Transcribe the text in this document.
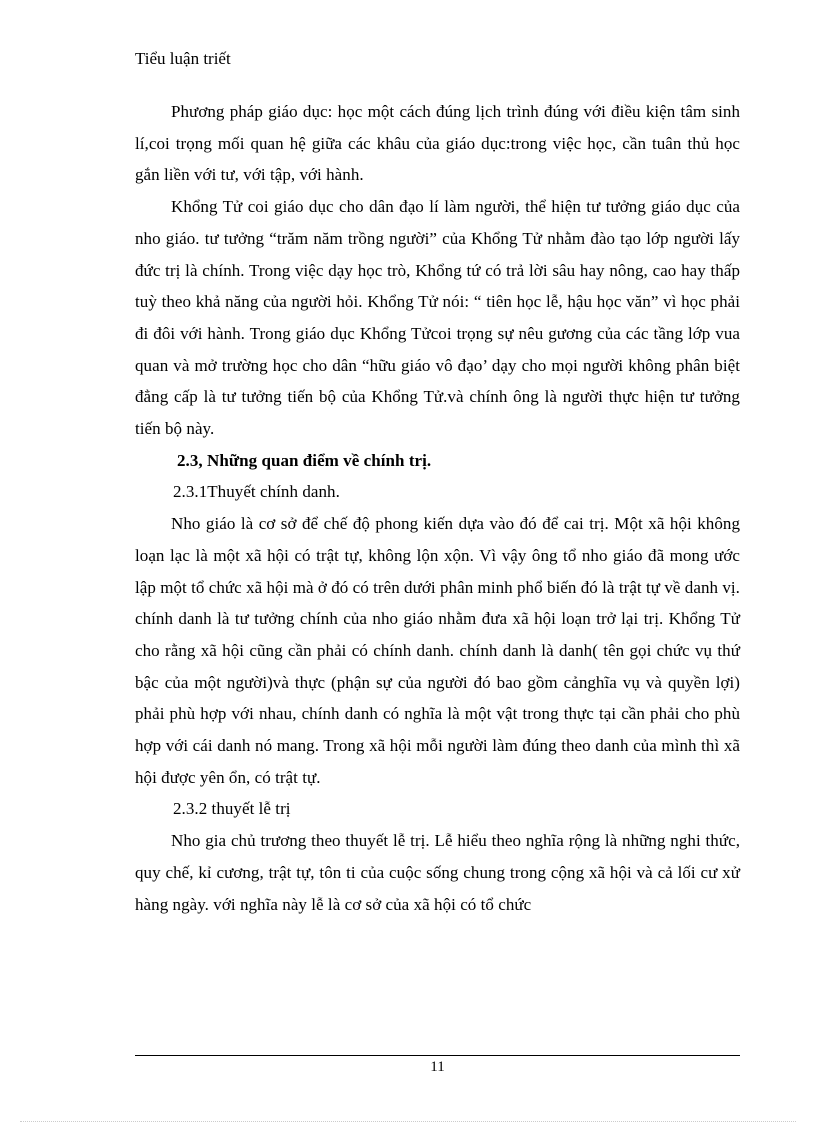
Tiểu luận triết

Phương pháp giáo dục: học một cách đúng lịch trình đúng với điều kiện tâm sinh lí,coi trọng mối quan hệ giữa các khâu của giáo dục:trong việc học, cần tuân thủ học gắn liền với tư, với tập, với hành.

Khổng Tử coi giáo dục cho dân đạo lí làm người, thể hiện tư tưởng giáo dục của nho giáo. tư tưởng “trăm năm trồng người” của Khổng Tử nhằm đào tạo lớp người lấy đức trị là chính. Trong việc dạy học trò, Khổng tứ có trả lời sâu hay nông, cao hay thấp tuỳ theo khả năng của người hỏi. Khổng Tử nói: “ tiên học lễ, hậu học văn” vì học phải đi đôi với hành. Trong giáo dục Khổng Tửcoi trọng sự nêu gương của các tầng lớp vua quan và mở trường học cho dân “hữu giáo vô đạo’ dạy cho mọi người không phân biệt đẳng cấp là tư tưởng tiến bộ của Khổng Tử.và chính ông là người thực hiện tư tưởng tiến bộ này.

2.3, Những quan điểm về chính trị.

2.3.1Thuyết chính danh.

Nho giáo là cơ sở để chế độ phong kiến dựa vào đó để cai trị. Một xã hội không loạn lạc là một xã hội có trật tự, không lộn xộn. Vì vậy ông tổ nho giáo đã mong ước lập một tổ chức xã hội mà ở đó có trên dưới phân minh phổ biến đó là trật tự về danh vị. chính danh là tư tưởng chính của nho giáo nhằm đưa xã hội loạn trở lại trị. Khổng Tử cho rằng xã hội cũng cần phải có chính danh. chính danh là danh( tên gọi chức vụ thứ bậc của một người)và thực (phận sự của người đó bao gồm cảnghĩa vụ và quyền lợi) phải phù hợp với nhau, chính danh có nghĩa là một vật trong thực tại cần phải cho phù hợp với cái danh nó mang. Trong xã hội mỗi người làm đúng theo danh của mình thì xã hội được yên ổn, có trật tự.

2.3.2 thuyết lễ trị

Nho gia chủ trương theo thuyết lễ trị. Lễ hiểu theo nghĩa rộng là những nghi thức, quy chế, kỉ cương, trật tự, tôn ti của cuộc sống chung trong cộng xã hội và cả lối cư xử hàng ngày. với nghĩa này lễ là cơ sở của xã hội có tổ chức

11
